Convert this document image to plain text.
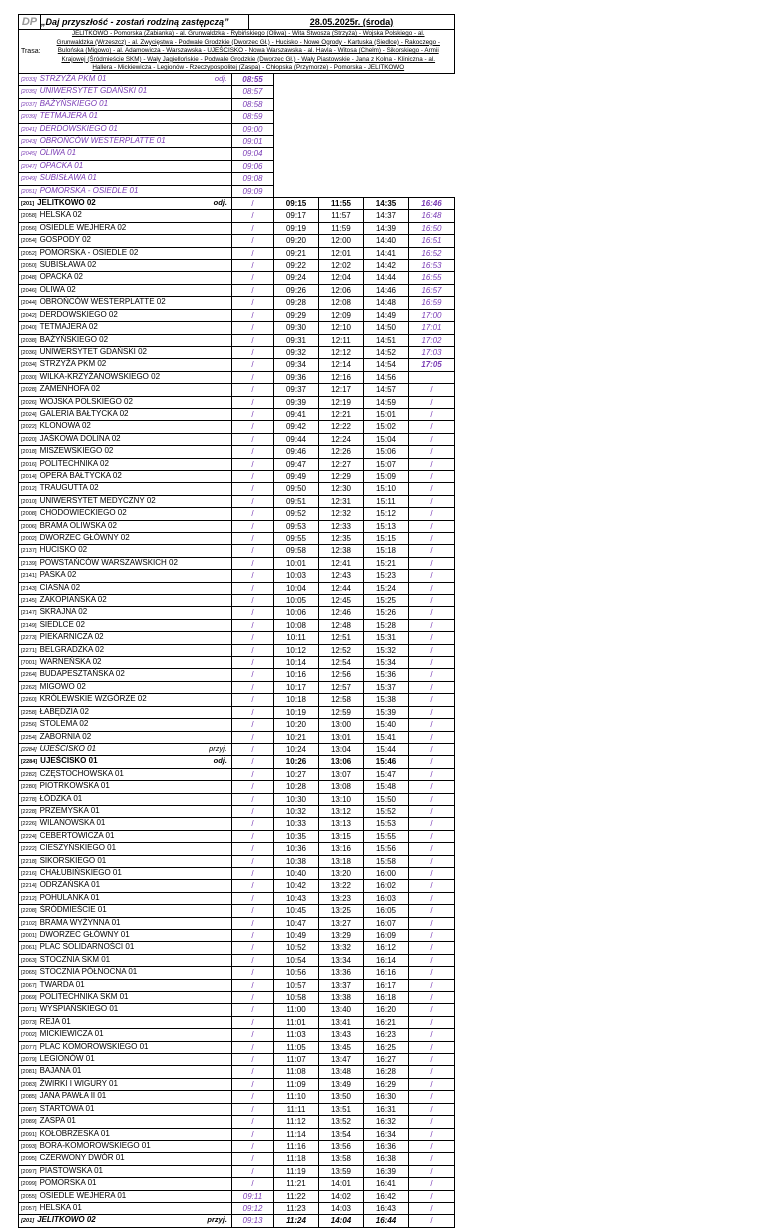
DP	„Daj przyszłość - zostań rodziną zastępczą”	28.05.2025r. (środa)
Trasa:	
JELITKOWO - Pomorska (Żabianka) - al. Grunwaldzka - Rybińskiego (Oliwa) - Wita Stwosza (Strzyża) - Wojska Polskiego - al.
Grunwaldzka (Wrzeszcz) - al. Zwycięstwa - Podwale Grodzkie (Dworzec Gł.) - Hucisko - Nowe Ogrody - Kartuska (Siedlce) - Rakoczego -
Bulońska (Migowo) - al. Adamowicza - Warszawska - UJEŚCISKO - Nowa Warszawska - al. Havla - Witosa (Chełm) - Sikorskiego - Armii
Krajowej (Śródmieście SKM) - Wały Jagiellońskie - Podwale Grodzkie (Dworzec Gł.) - Wały Piastowskie - Jana z Kolna - Kliniczna - al.
Hallera - Mickiewicza - Legionów - Rzeczypospolitej (Zaspa) - Chłopska (Przymorze) - Pomorska - JELITKOWO
odj.
[2033] STRZYŻA PKM 01	08:55				
[2035] UNIWERSYTET GDAŃSKI 01	08:57				
[2037] BAŻYŃSKIEGO 01	08:58				
[2039] TETMAJERA 01	08:59				
[2041] DERDOWSKIEGO 01	09:00				
[2043] OBROŃCÓW WESTERPLATTE 01	09:01				
[2045] OLIWA 01	09:04				
[2047] OPACKA 01	09:06				
[2049] SUBISŁAWA 01	09:08				
[2051] POMORSKA - OSIEDLE 01	09:09				

odj.
[201] JELITKOWO 02	/	09:15	11:55	14:35	16:46
[2058] HELSKA 02	/	09:17	11:57	14:37	16:48
[2056] OSIEDLE WEJHERA 02	/	09:19	11:59	14:39	16:50
[2054] GOSPODY 02	/	09:20	12:00	14:40	16:51
[2052] POMORSKA - OSIEDLE 02	/	09:21	12:01	14:41	16:52
[2050] SUBISŁAWA 02	/	09:22	12:02	14:42	16:53
[2048] OPACKA 02	/	09:24	12:04	14:44	16:55
[2046] OLIWA 02	/	09:26	12:06	14:46	16:57
[2044] OBROŃCÓW WESTERPLATTE 02	/	09:28	12:08	14:48	16:59
[2042] DERDOWSKIEGO 02	/	09:29	12:09	14:49	17:00
[2040] TETMAJERA 02	/	09:30	12:10	14:50	17:01
[2038] BAŻYŃSKIEGO 02	/	09:31	12:11	14:51	17:02
[2036] UNIWERSYTET GDAŃSKI 02	/	09:32	12:12	14:52	17:03
[2034] STRZYŻA PKM 02	/	09:34	12:14	14:54	17:05
[2030] WILKA-KRZYŻANOWSKIEGO 02	/	09:36	12:16	14:56	
[2028] ZAMENHOFA 02	/	09:37	12:17	14:57	/
[2026] WOJSKA POLSKIEGO 02	/	09:39	12:19	14:59	/
[2024] GALERIA BAŁTYCKA 02	/	09:41	12:21	15:01	/
[2022] KLONOWA 02	/	09:42	12:22	15:02	/
[2020] JAŚKOWA DOLINA 02	/	09:44	12:24	15:04	/
[2018] MISZEWSKIEGO 02	/	09:46	12:26	15:06	/
[2016] POLITECHNIKA 02	/	09:47	12:27	15:07	/
[2014] OPERA BAŁTYCKA 02	/	09:49	12:29	15:09	/
[2012] TRAUGUTTA 02	/	09:50	12:30	15:10	/
[2010] UNIWERSYTET MEDYCZNY 02	/	09:51	12:31	15:11	/
[2008] CHODOWIECKIEGO 02	/	09:52	12:32	15:12	/
[2006] BRAMA OLIWSKA 02	/	09:53	12:33	15:13	/
[2002] DWORZEC GŁÓWNY 02	/	09:55	12:35	15:15	/
[2137] HUCISKO 02	/	09:58	12:38	15:18	/
[2139] POWSTAŃCÓW WARSZAWSKICH 02	/	10:01	12:41	15:21	/
[2141] PASKA 02	/	10:03	12:43	15:23	/
[2143] CIASNA 02	/	10:04	12:44	15:24	/
[2145] ZAKOPIAŃSKA 02	/	10:05	12:45	15:25	/
[2147] SKRAJNA 02	/	10:06	12:46	15:26	/
[2149] SIEDLCE 02	/	10:08	12:48	15:28	/
[2273] PIEKARNICZA 02	/	10:11	12:51	15:31	/
[2271] BELGRADZKA 02	/	10:12	12:52	15:32	/
[7001] WARNEŃSKA 02	/	10:14	12:54	15:34	/
[2264] BUDAPESZTAŃSKA 02	/	10:16	12:56	15:36	/
[2262] MIGOWO 02	/	10:17	12:57	15:37	/
[2260] KRÓLEWSKIE WZGÓRZE 02	/	10:18	12:58	15:38	/
[2258] ŁABĘDZIA 02	/	10:19	12:59	15:39	/
[2256] STOLEMA 02	/	10:20	13:00	15:40	/
[2254] ZABORNIA 02	/	10:21	13:01	15:41	/

przyj.
[2284] UJEŚCISKO 01	/	10:24	13:04	15:44	/

odj.
[2284] UJEŚCISKO 01	/	10:26	13:06	15:46	/
[2282] CZĘSTOCHOWSKA 01	/	10:27	13:07	15:47	/
[2280] PIOTRKOWSKA 01	/	10:28	13:08	15:48	/
[2278] ŁÓDZKA 01	/	10:30	13:10	15:50	/
[2228] PRZEMYSKA 01	/	10:32	13:12	15:52	/
[2226] WILANOWSKA 01	/	10:33	13:13	15:53	/
[2224] CEBERTOWICZA 01	/	10:35	13:15	15:55	/
[2222] CIESZYŃSKIEGO 01	/	10:36	13:16	15:56	/
[2218] SIKORSKIEGO 01	/	10:38	13:18	15:58	/
[2216] CHAŁUBIŃSKIEGO 01	/	10:40	13:20	16:00	/
[2214] ODRZAŃSKA 01	/	10:42	13:22	16:02	/
[2212] POHULANKA 01	/	10:43	13:23	16:03	/
[2208] ŚRÓDMIEŚCIE 01	/	10:45	13:25	16:05	/
[2102] BRAMA WYŻYNNA 01	/	10:47	13:27	16:07	/
[2001] DWORZEC GŁÓWNY 01	/	10:49	13:29	16:09	/
[2061] PLAC SOLIDARNOŚCI 01	/	10:52	13:32	16:12	/
[2063] STOCZNIA SKM 01	/	10:54	13:34	16:14	/
[2065] STOCZNIA PÓŁNOCNA 01	/	10:56	13:36	16:16	/
[2067] TWARDA 01	/	10:57	13:37	16:17	/
[2069] POLITECHNIKA SKM 01	/	10:58	13:38	16:18	/
[2071] WYSPIAŃSKIEGO 01	/	11:00	13:40	16:20	/
[2073] REJA 01	/	11:01	13:41	16:21	/
[7002] MICKIEWICZA 01	/	11:03	13:43	16:23	/
[2077] PLAC KOMOROWSKIEGO 01	/	11:05	13:45	16:25	/
[2079] LEGIONÓW 01	/	11:07	13:47	16:27	/
[2081] BAJANA 01	/	11:08	13:48	16:28	/
[2083] ŻWIRKI I WIGURY 01	/	11:09	13:49	16:29	/
[2085] JANA PAWŁA II 01	/	11:10	13:50	16:30	/
[2087] STARTOWA 01	/	11:11	13:51	16:31	/
[2089] ZASPA 01	/	11:12	13:52	16:32	/
[2091] KOŁOBRZESKA 01	/	11:14	13:54	16:34	/
[2093] BORA-KOMOROWSKIEGO 01	/	11:16	13:56	16:36	/
[2095] CZERWONY DWÓR 01	/	11:18	13:58	16:38	/
[2097] PIASTOWSKA 01	/	11:19	13:59	16:39	/
[2099] POMORSKA 01	/	11:21	14:01	16:41	/
[2055] OSIEDLE WEJHERA 01	09:11	11:22	14:02	16:42	/
[2057] HELSKA 01	09:12	11:23	14:03	16:43	/

przyj.
[201] JELITKOWO 02	09:13	11:24	14:04	16:44	/
